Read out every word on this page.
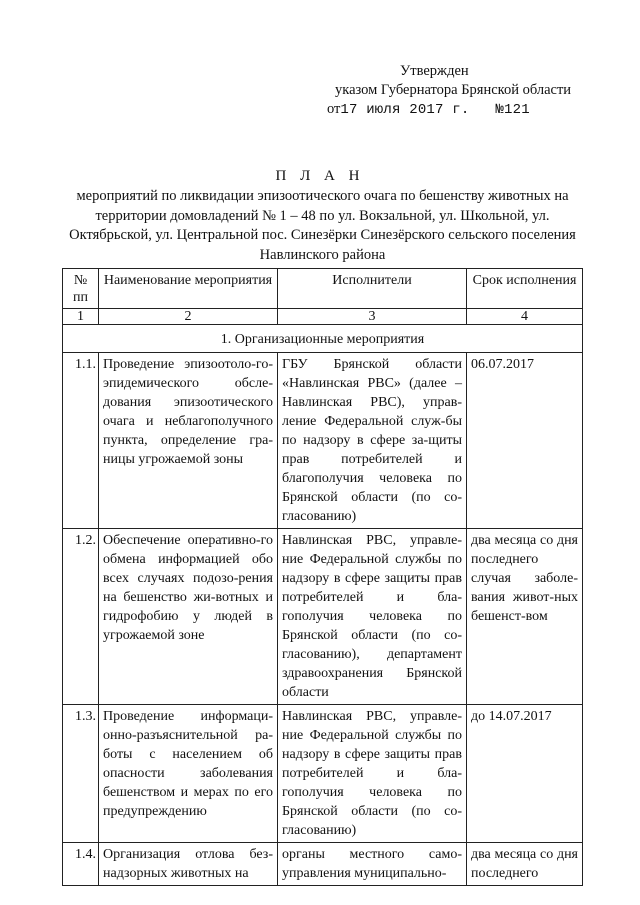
Утвержден
указом Губернатора Брянской области
от17 июля 2017 г. №121
П Л А Н
мероприятий по ликвидации эпизоотического очага по бешенству животных на территории домовладений № 1 – 48 по ул. Вокзальной, ул. Школьной, ул. Октябрьской, ул. Центральной пос. Синезёрки Синезёрского сельского поселения Навлинского района
№ пп	Наименование мероприятия	Исполнители	Срок исполнения
1	2	3	4
1. Организационные мероприятия			
1.1.	Проведение эпизоотоло-го-эпидемического обсле-дования эпизоотического очага и неблагополучного пункта, определение гра-ницы угрожаемой зоны	ГБУ Брянской области «Навлинская РВС» (далее – Навлинская РВС), управ-ление Федеральной служ-бы по надзору в сфере за-щиты прав потребителей и благополучия человека по Брянской области (по со-гласованию)	06.07.2017
1.2.	Обеспечение оперативно-го обмена информацией обо всех случаях подозо-рения на бешенство жи-вотных и гидрофобию у людей в угрожаемой зоне	Навлинская РВС, управле-ние Федеральной службы по надзору в сфере защиты прав потребителей и бла-гополучия человека по Брянской области (по со-гласованию), департамент здравоохранения Брянской области	два месяца со дня последнего случая заболе-вания живот-ных бешенст-вом
1.3.	Проведение информаци-онно-разъяснительной ра-боты с населением об опасности заболевания бешенством и мерах по его предупреждению	Навлинская РВС, управле-ние Федеральной службы по надзору в сфере защиты прав потребителей и бла-гополучия человека по Брянской области (по со-гласованию)	до 14.07.2017
1.4.	Организация отлова без-надзорных животных на	органы местного само-управления муниципально-	два месяца со дня последнего
